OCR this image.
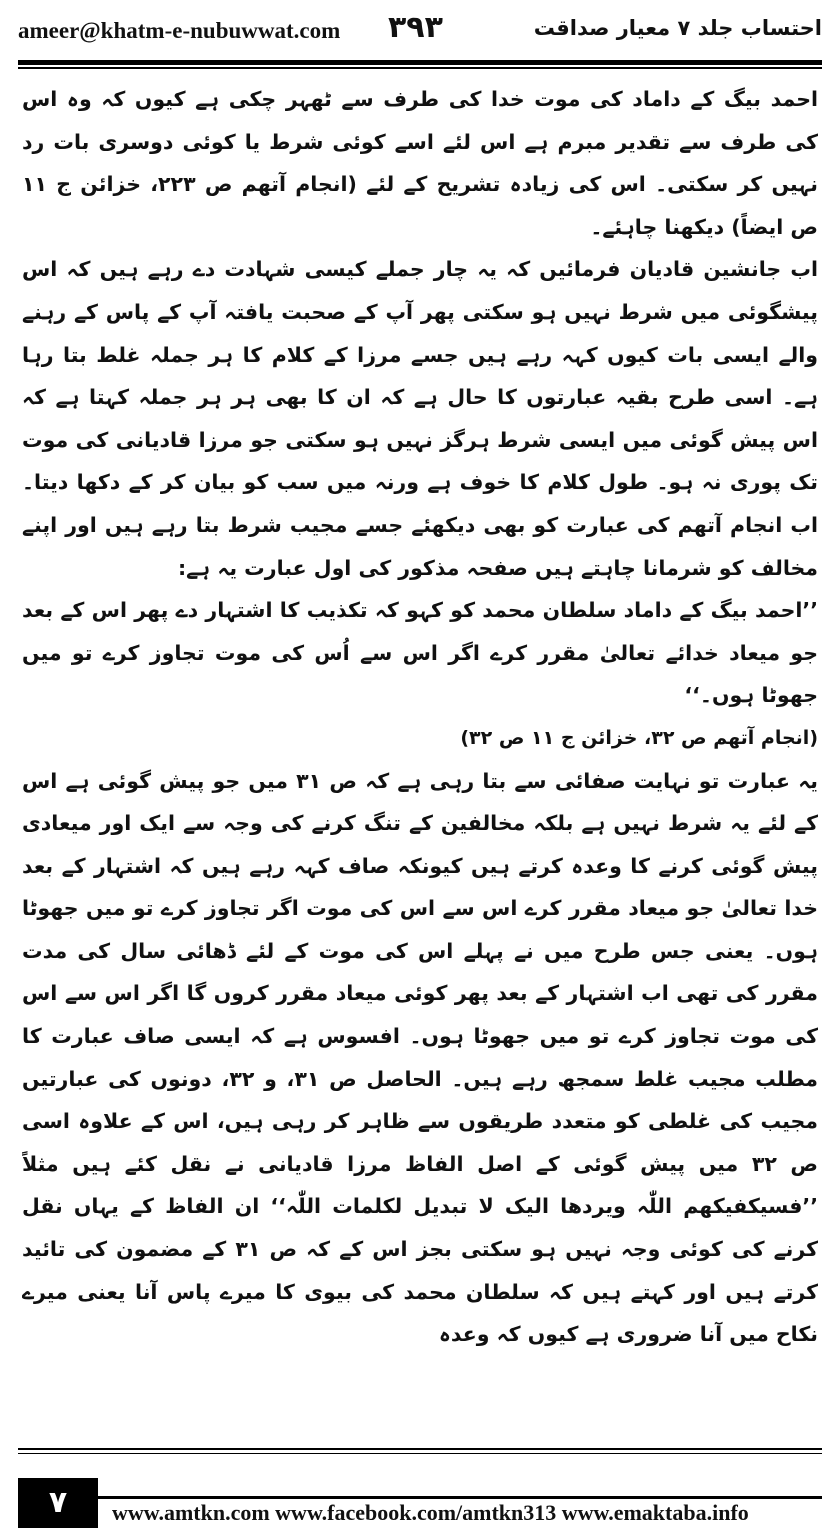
ameer@khatm-e-nubuwwat.com ۳۹۳	احتساب جلد ۷ معیار صداقت

احمد بیگ کے داماد کی موت خدا کی طرف سے ٹھہر چکی ہے کیوں کہ وہ اس کی طرف سے تقدیر مبرم ہے اس لئے اسے کوئی شرط یا کوئی دوسری بات رد نہیں کر سکتی۔ اس کی زیادہ تشریح کے لئے (انجام آتھم ص ۲۲۳، خزائن ج ۱۱ ص ایضاً) دیکھنا چاہئے۔

اب جانشین قادیان فرمائیں کہ یہ چار جملے کیسی شہادت دے رہے ہیں کہ اس پیشگوئی میں شرط نہیں ہو سکتی پھر آپ کے صحبت یافتہ آپ کے پاس کے رہنے والے ایسی بات کیوں کہہ رہے ہیں جسے مرزا کے کلام کا ہر جملہ غلط بتا رہا ہے۔ اسی طرح بقیہ عبارتوں کا حال ہے کہ ان کا بھی ہر ہر جملہ کہتا ہے کہ اس پیش گوئی میں ایسی شرط ہرگز نہیں ہو سکتی جو مرزا قادیانی کی موت تک پوری نہ ہو۔ طول کلام کا خوف ہے ورنہ میں سب کو بیان کر کے دکھا دیتا۔ اب انجام آتھم کی عبارت کو بھی دیکھئے جسے مجیب شرط بتا رہے ہیں اور اپنے مخالف کو شرمانا چاہتے ہیں صفحہ مذکور کی اول عبارت یہ ہے:

’’احمد بیگ کے داماد سلطان محمد کو کہو کہ تکذیب کا اشتہار دے پھر اس کے بعد جو میعاد خدائے تعالیٰ مقرر کرے اگر اس سے اُس کی موت تجاوز کرے تو میں جھوٹا ہوں۔‘‘

(انجام آتھم ص ۳۲، خزائن ج ۱۱ ص ۳۲)

یہ عبارت تو نہایت صفائی سے بتا رہی ہے کہ ص ۳۱ میں جو پیش گوئی ہے اس کے لئے یہ شرط نہیں ہے بلکہ مخالفین کے تنگ کرنے کی وجہ سے ایک اور میعادی پیش گوئی کرنے کا وعدہ کرتے ہیں کیونکہ صاف کہہ رہے ہیں کہ اشتہار کے بعد خدا تعالیٰ جو میعاد مقرر کرے اس سے اس کی موت اگر تجاوز کرے تو میں جھوٹا ہوں۔ یعنی جس طرح میں نے پہلے اس کی موت کے لئے ڈھائی سال کی مدت مقرر کی تھی اب اشتہار کے بعد پھر کوئی میعاد مقرر کروں گا اگر اس سے اس کی موت تجاوز کرے تو میں جھوٹا ہوں۔ افسوس ہے کہ ایسی صاف عبارت کا مطلب مجیب غلط سمجھ رہے ہیں۔ الحاصل ص ۳۱، و ۳۲، دونوں کی عبارتیں مجیب کی غلطی کو متعدد طریقوں سے ظاہر کر رہی ہیں، اس کے علاوہ اسی ص ۳۲ میں پیش گوئی کے اصل الفاظ مرزا قادیانی نے نقل کئے ہیں مثلاً ’’فسیکفیکھم اللّٰہ ویردھا الیک لا تبدیل لکلمات اللّٰہ‘‘ ان الفاظ کے یہاں نقل کرنے کی کوئی وجہ نہیں ہو سکتی بجز اس کے کہ ص ۳۱ کے مضمون کی تائید کرتے ہیں اور کہتے ہیں کہ سلطان محمد کی بیوی کا میرے پاس آنا یعنی میرے نکاح میں آنا ضروری ہے کیوں کہ وعدہ

۷	www.amtkn.com www.facebook.com/amtkn313 www.emaktaba.info
